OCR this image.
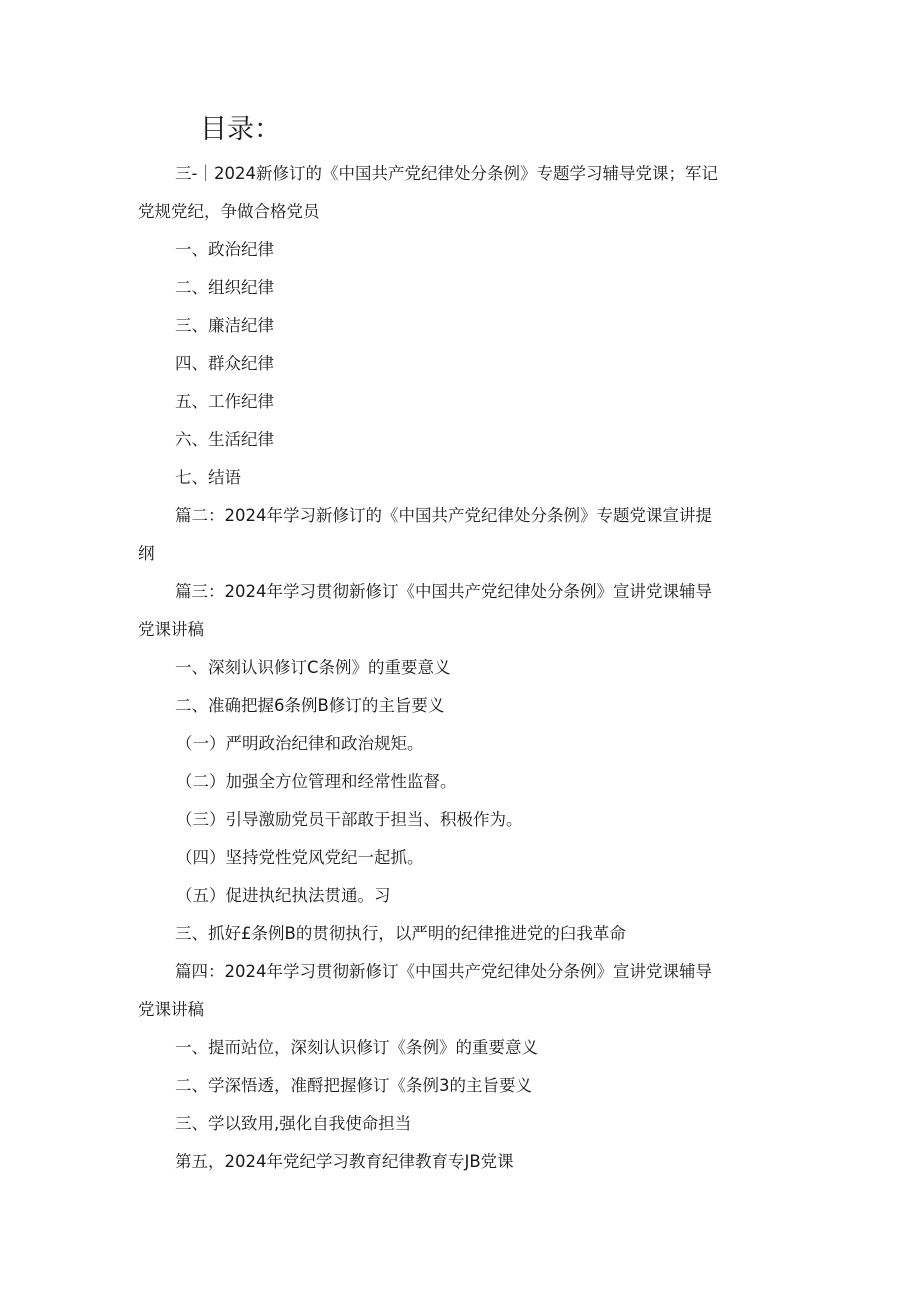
目录：

三-｜2024新修订的《中国共产党纪律处分条例》专题学习辅导党课；军记

党规党纪，争做合格党员

一、政治纪律

二、组织纪律

三、廉洁纪律

四、群众纪律

五、工作纪律

六、生活纪律

七、结语

篇二：2024年学习新修订的《中国共产党纪律处分条例》专题党课宣讲提

纲

篇三：2024年学习贯彻新修订《中国共产党纪律处分条例》宣讲党课辅导

党课讲稿

一、深刻认识修订C条例》的重要意义

二、准确把握6条例B修订的主旨要义

（一）严明政治纪律和政治规矩。

（二）加强全方位管理和经常性监督。

（三）引导激励党员干部敢于担当、积极作为。

（四）坚持党性党风党纪一起抓。

（五）促进执纪执法贯通。习

三、抓好£条例B的贯彻执行，以严明的纪律推进党的臼我革命

篇四：2024年学习贯彻新修订《中国共产党纪律处分条例》宣讲党课辅导

党课讲稿

一、提而站位，深刻认识修订《条例》的重要意义

二、学深悟透，准酹把握修订《条例3的主旨要义

三、学以致用,强化自我使命担当

第五，2024年党纪学习教育纪律教育专JB党课
